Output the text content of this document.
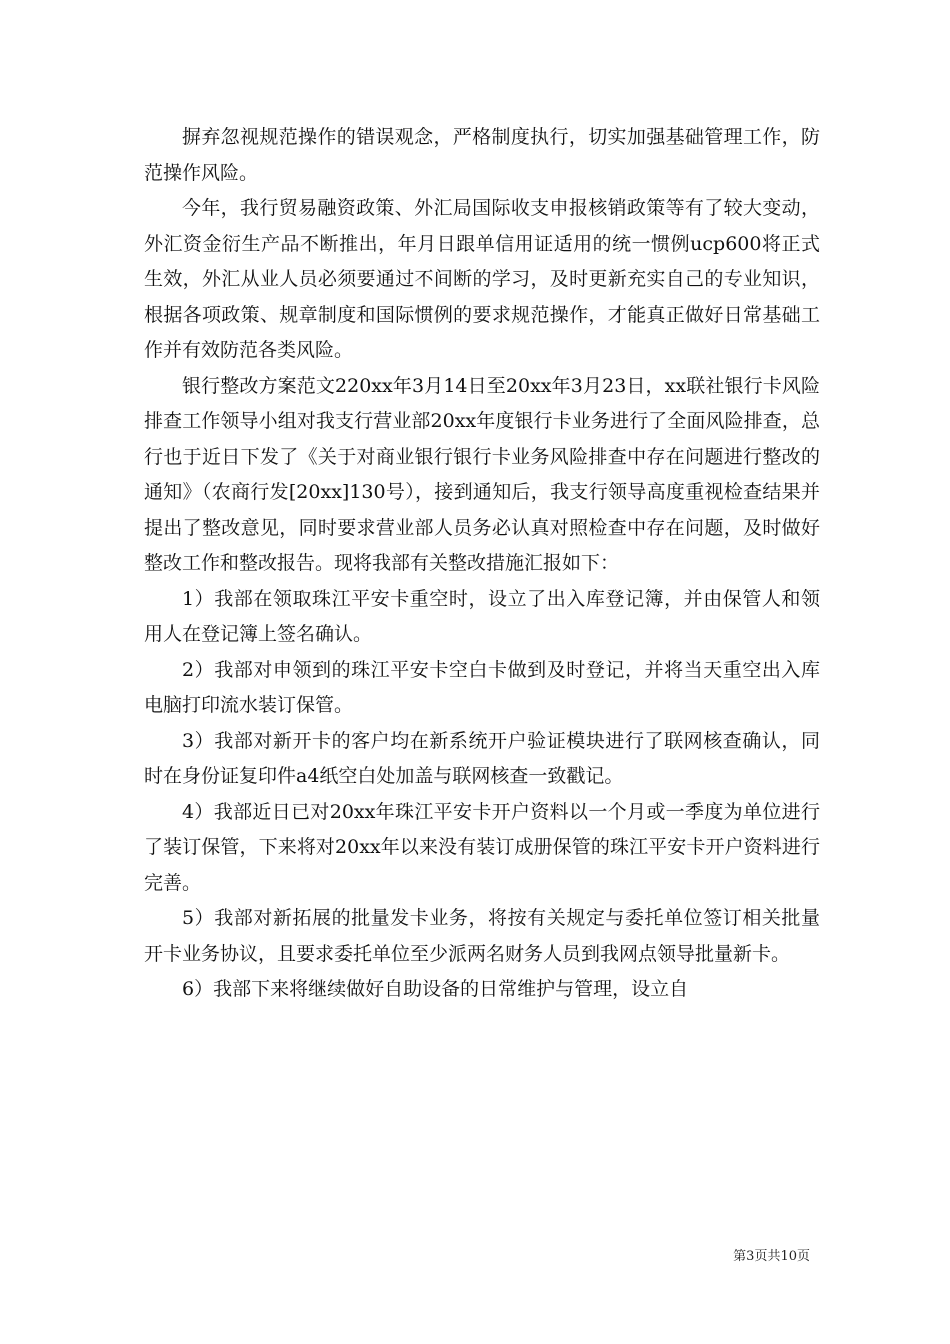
摒弃忽视规范操作的错误观念，严格制度执行，切实加强基础管理工作，防范操作风险。

今年，我行贸易融资政策、外汇局国际收支申报核销政策等有了较大变动，外汇资金衍生产品不断推出，年月日跟单信用证适用的统一惯例ucp600将正式生效，外汇从业人员必须要通过不间断的学习，及时更新充实自己的专业知识，根据各项政策、规章制度和国际惯例的要求规范操作，才能真正做好日常基础工作并有效防范各类风险。

银行整改方案范文220xx年3月14日至20xx年3月23日，xx联社银行卡风险排查工作领导小组对我支行营业部20xx年度银行卡业务进行了全面风险排查，总行也于近日下发了《关于对商业银行银行卡业务风险排查中存在问题进行整改的通知》（农商行发[20xx]130号），接到通知后，我支行领导高度重视检查结果并提出了整改意见，同时要求营业部人员务必认真对照检查中存在问题，及时做好整改工作和整改报告。现将我部有关整改措施汇报如下：

1）我部在领取珠江平安卡重空时，设立了出入库登记簿，并由保管人和领用人在登记簿上签名确认。

2）我部对申领到的珠江平安卡空白卡做到及时登记，并将当天重空出入库电脑打印流水装订保管。

3）我部对新开卡的客户均在新系统开户验证模块进行了联网核查确认，同时在身份证复印件a4纸空白处加盖与联网核查一致戳记。

4）我部近日已对20xx年珠江平安卡开户资料以一个月或一季度为单位进行了装订保管，下来将对20xx年以来没有装订成册保管的珠江平安卡开户资料进行完善。

5）我部对新拓展的批量发卡业务，将按有关规定与委托单位签订相关批量开卡业务协议，且要求委托单位至少派两名财务人员到我网点领导批量新卡。

6）我部下来将继续做好自助设备的日常维护与管理，设立自

第3页共10页
